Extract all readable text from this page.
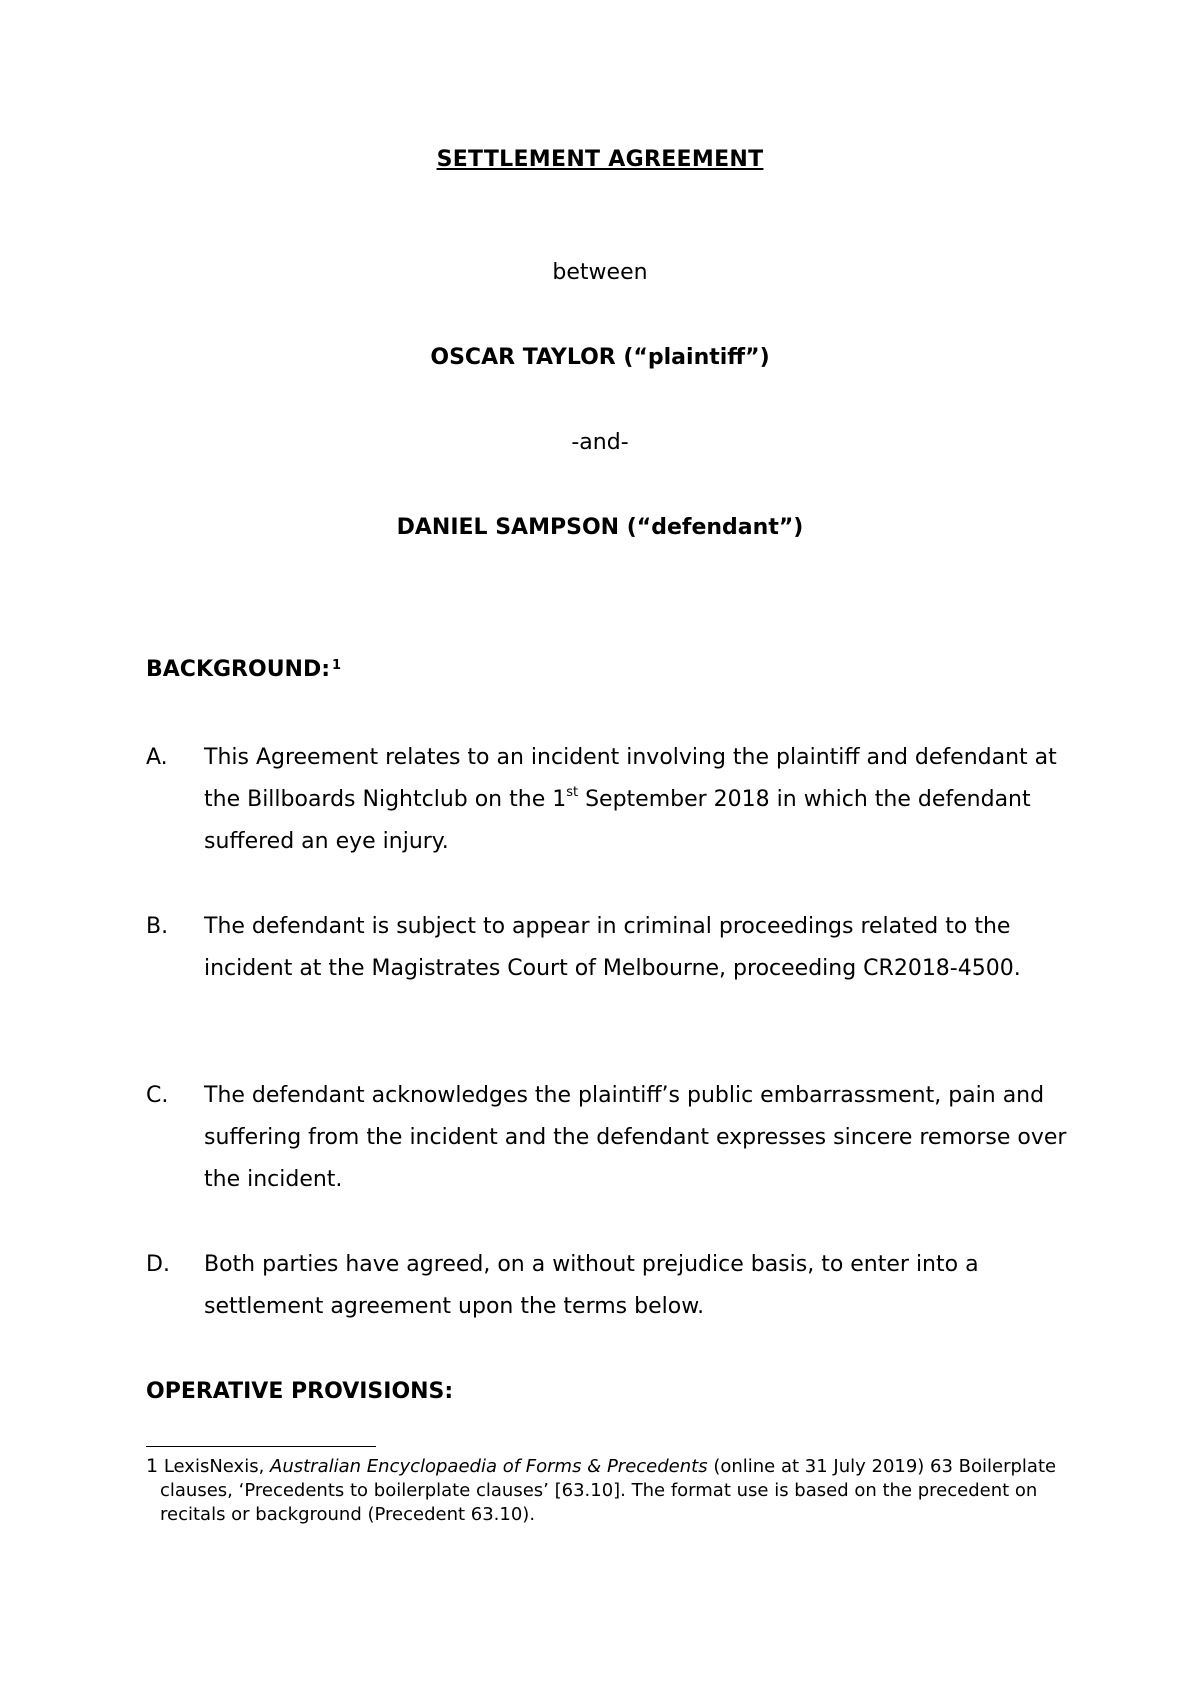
SETTLEMENT AGREEMENT
between
OSCAR TAYLOR (“plaintiff”)
-and-
DANIEL SAMPSON (“defendant”)
BACKGROUND: $^1$
A. This Agreement relates to an incident involving the plaintiff and defendant at the Billboards Nightclub on the 1st September 2018 in which the defendant suffered an eye injury.
B. The defendant is subject to appear in criminal proceedings related to the incident at the Magistrates Court of Melbourne, proceeding CR2018-4500.
C. The defendant acknowledges the plaintiff’s public embarrassment, pain and suffering from the incident and the defendant expresses sincere remorse over the incident.
D. Both parties have agreed, on a without prejudice basis, to enter into a settlement agreement upon the terms below.
OPERATIVE PROVISIONS:
1 LexisNexis, Australian Encyclopaedia of Forms & Precedents (online at 31 July 2019) 63 Boilerplate clauses, ‘Precedents to boilerplate clauses’ [63.10]. The format use is based on the precedent on recitals or background (Precedent 63.10).
